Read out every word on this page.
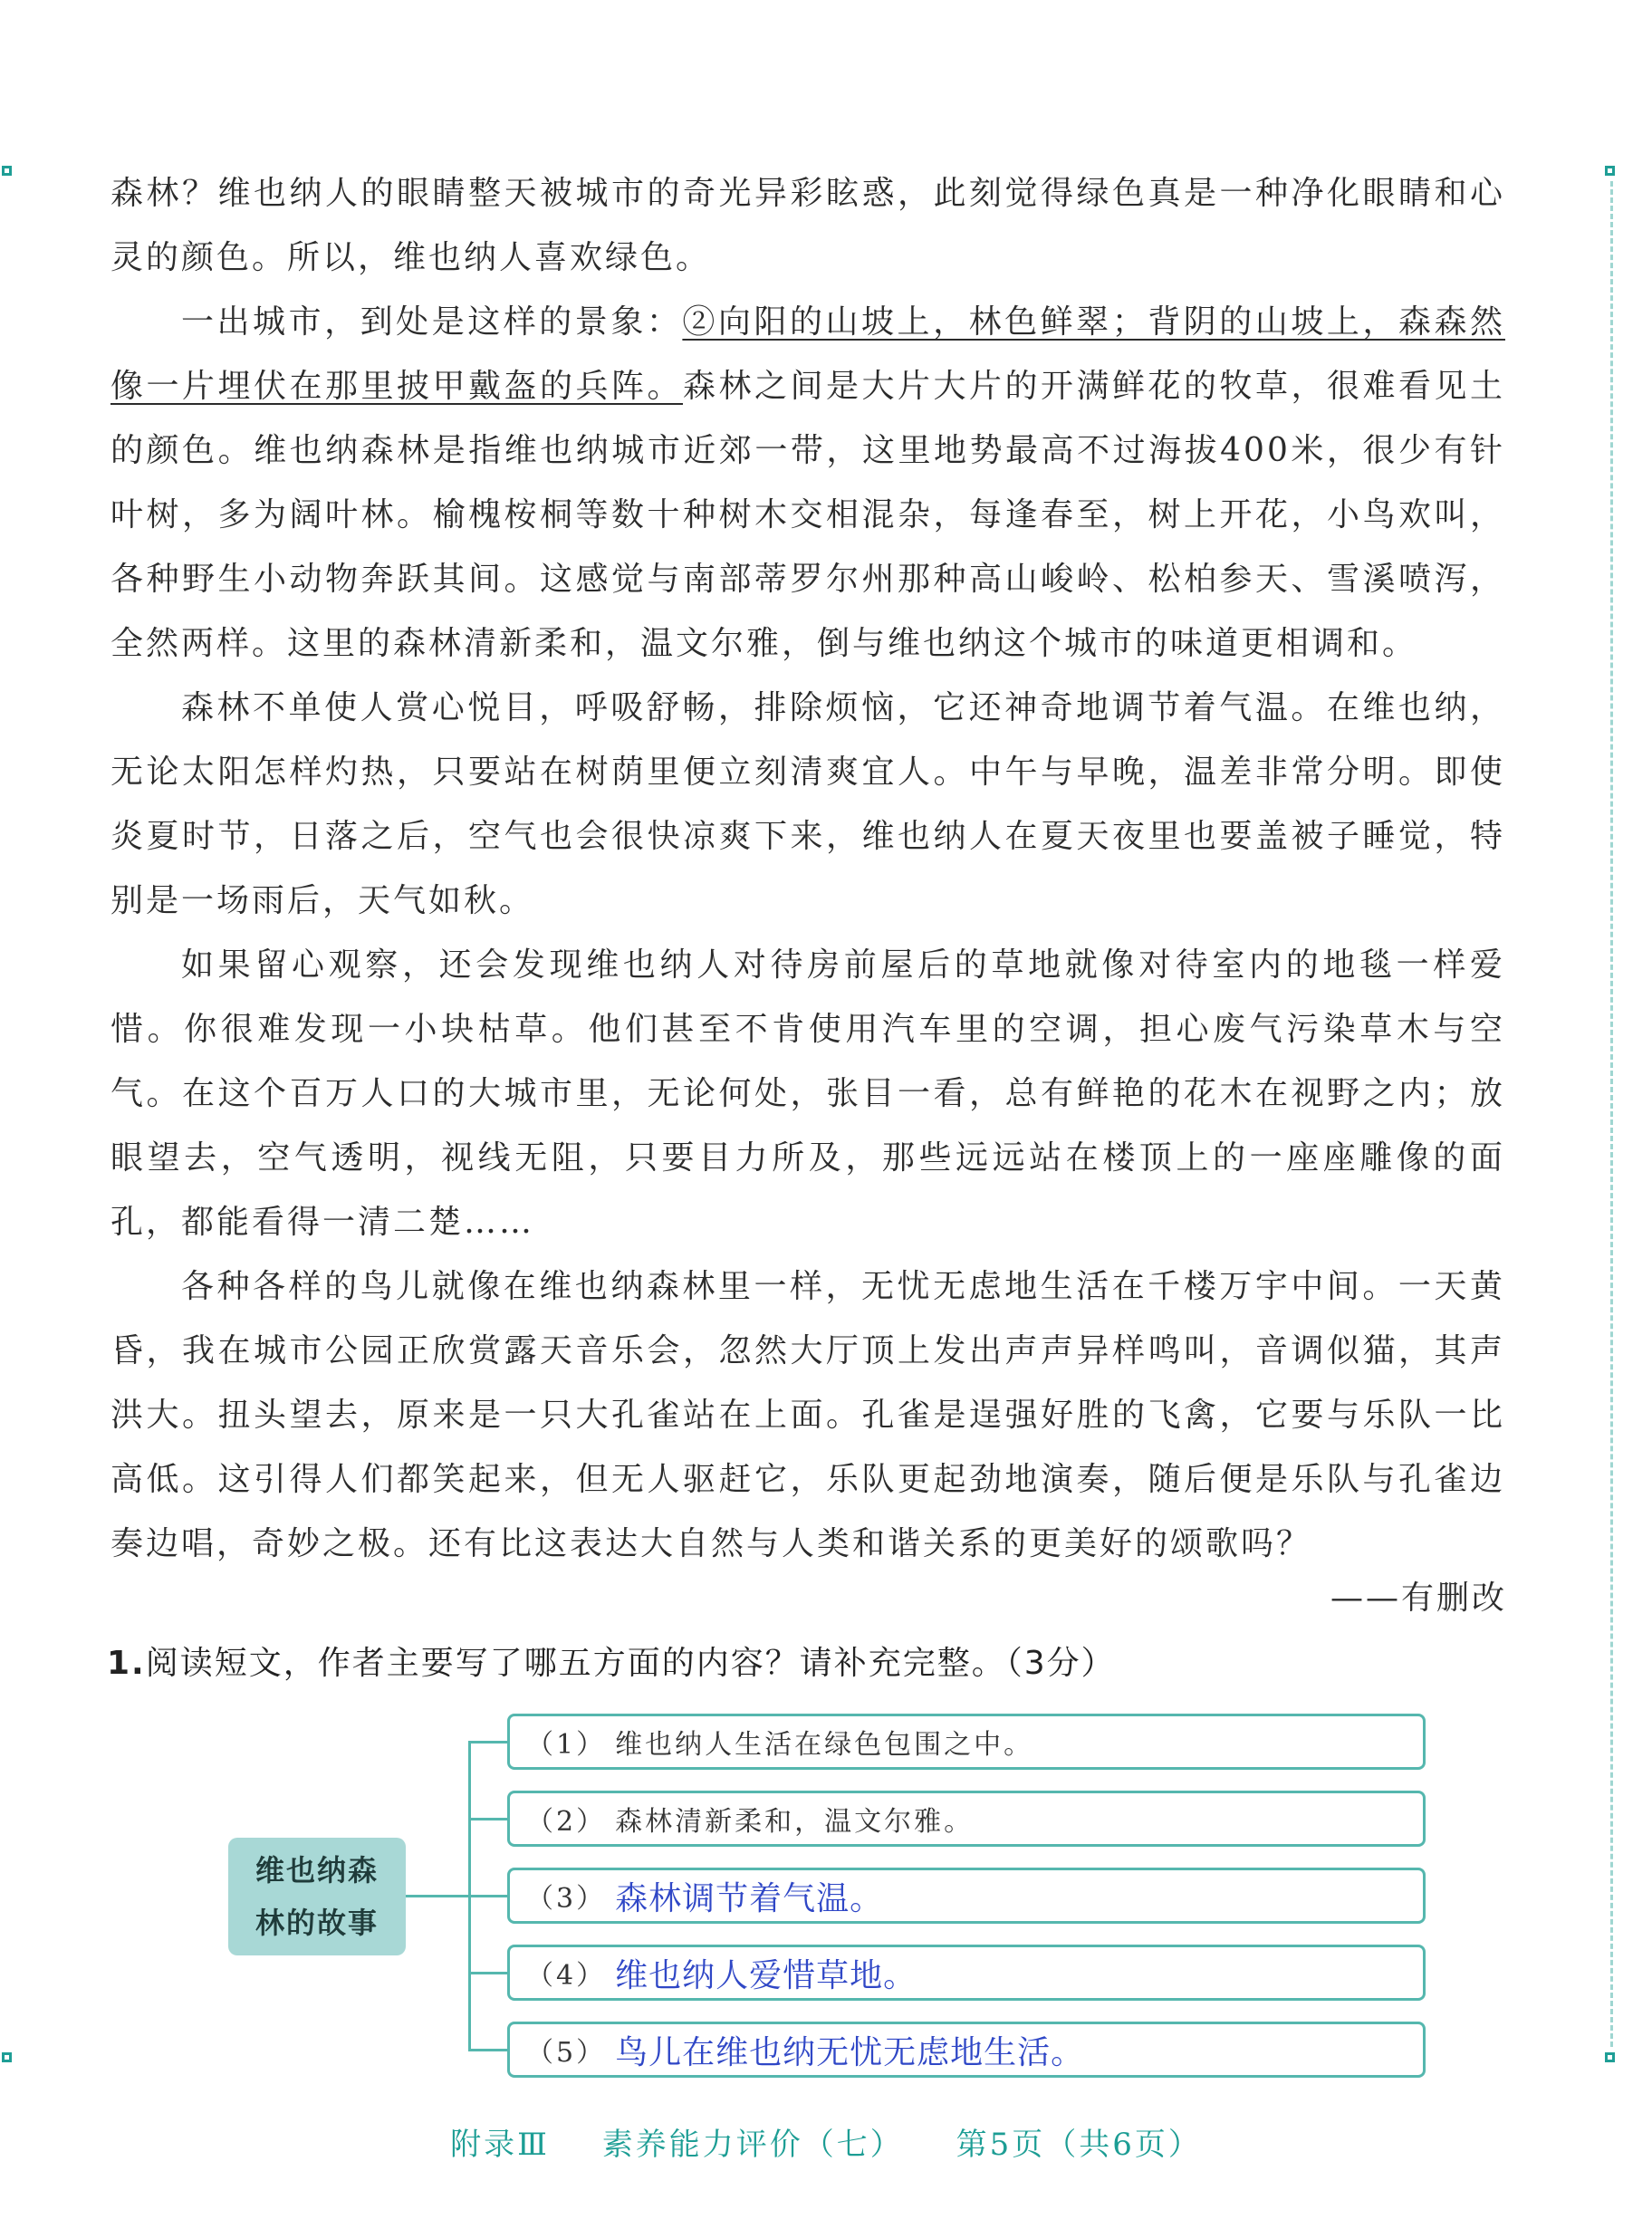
森林？维也纳人的眼睛整天被城市的奇光异彩眩惑，此刻觉得绿色真是一种净化眼睛和心灵的颜色。所以，维也纳人喜欢绿色。

一出城市，到处是这样的景象：②向阳的山坡上，林色鲜翠；背阴的山坡上，森森然像一片埋伏在那里披甲戴盔的兵阵。森林之间是大片大片的开满鲜花的牧草，很难看见土的颜色。维也纳森林是指维也纳城市近郊一带，这里地势最高不过海拔400米，很少有针叶树，多为阔叶林。榆槐桉桐等数十种树木交相混杂，每逢春至，树上开花，小鸟欢叫，各种野生小动物奔跃其间。这感觉与南部蒂罗尔州那种高山峻岭、松柏参天、雪溪喷泻，全然两样。这里的森林清新柔和，温文尔雅，倒与维也纳这个城市的味道更相调和。

森林不单使人赏心悦目，呼吸舒畅，排除烦恼，它还神奇地调节着气温。在维也纳，无论太阳怎样灼热，只要站在树荫里便立刻清爽宜人。中午与早晚，温差非常分明。即使炎夏时节，日落之后，空气也会很快凉爽下来，维也纳人在夏天夜里也要盖被子睡觉，特别是一场雨后，天气如秋。

如果留心观察，还会发现维也纳人对待房前屋后的草地就像对待室内的地毯一样爱惜。你很难发现一小块枯草。他们甚至不肯使用汽车里的空调，担心废气污染草木与空气。在这个百万人口的大城市里，无论何处，张目一看，总有鲜艳的花木在视野之内；放眼望去，空气透明，视线无阻，只要目力所及，那些远远站在楼顶上的一座座雕像的面孔，都能看得一清二楚……

各种各样的鸟儿就像在维也纳森林里一样，无忧无虑地生活在千楼万宇中间。一天黄昏，我在城市公园正欣赏露天音乐会，忽然大厅顶上发出声声异样鸣叫，音调似猫，其声洪大。扭头望去，原来是一只大孔雀站在上面。孔雀是逞强好胜的飞禽，它要与乐队一比高低。这引得人们都笑起来，但无人驱赶它，乐队更起劲地演奏，随后便是乐队与孔雀边奏边唱，奇妙之极。还有比这表达大自然与人类和谐关系的更美好的颂歌吗？

——有删改
1.阅读短文，作者主要写了哪五方面的内容？请补充完整。（3分）
维也纳森林的故事
（1） 维也纳人生活在绿色包围之中。
（2） 森林清新柔和，温文尔雅。
（3） 森林调节着气温。
（4） 维也纳人爱惜草地。
（5） 鸟儿在维也纳无忧无虑地生活。
附录Ⅲ 素养能力评价（七） 第5页（共6页）
